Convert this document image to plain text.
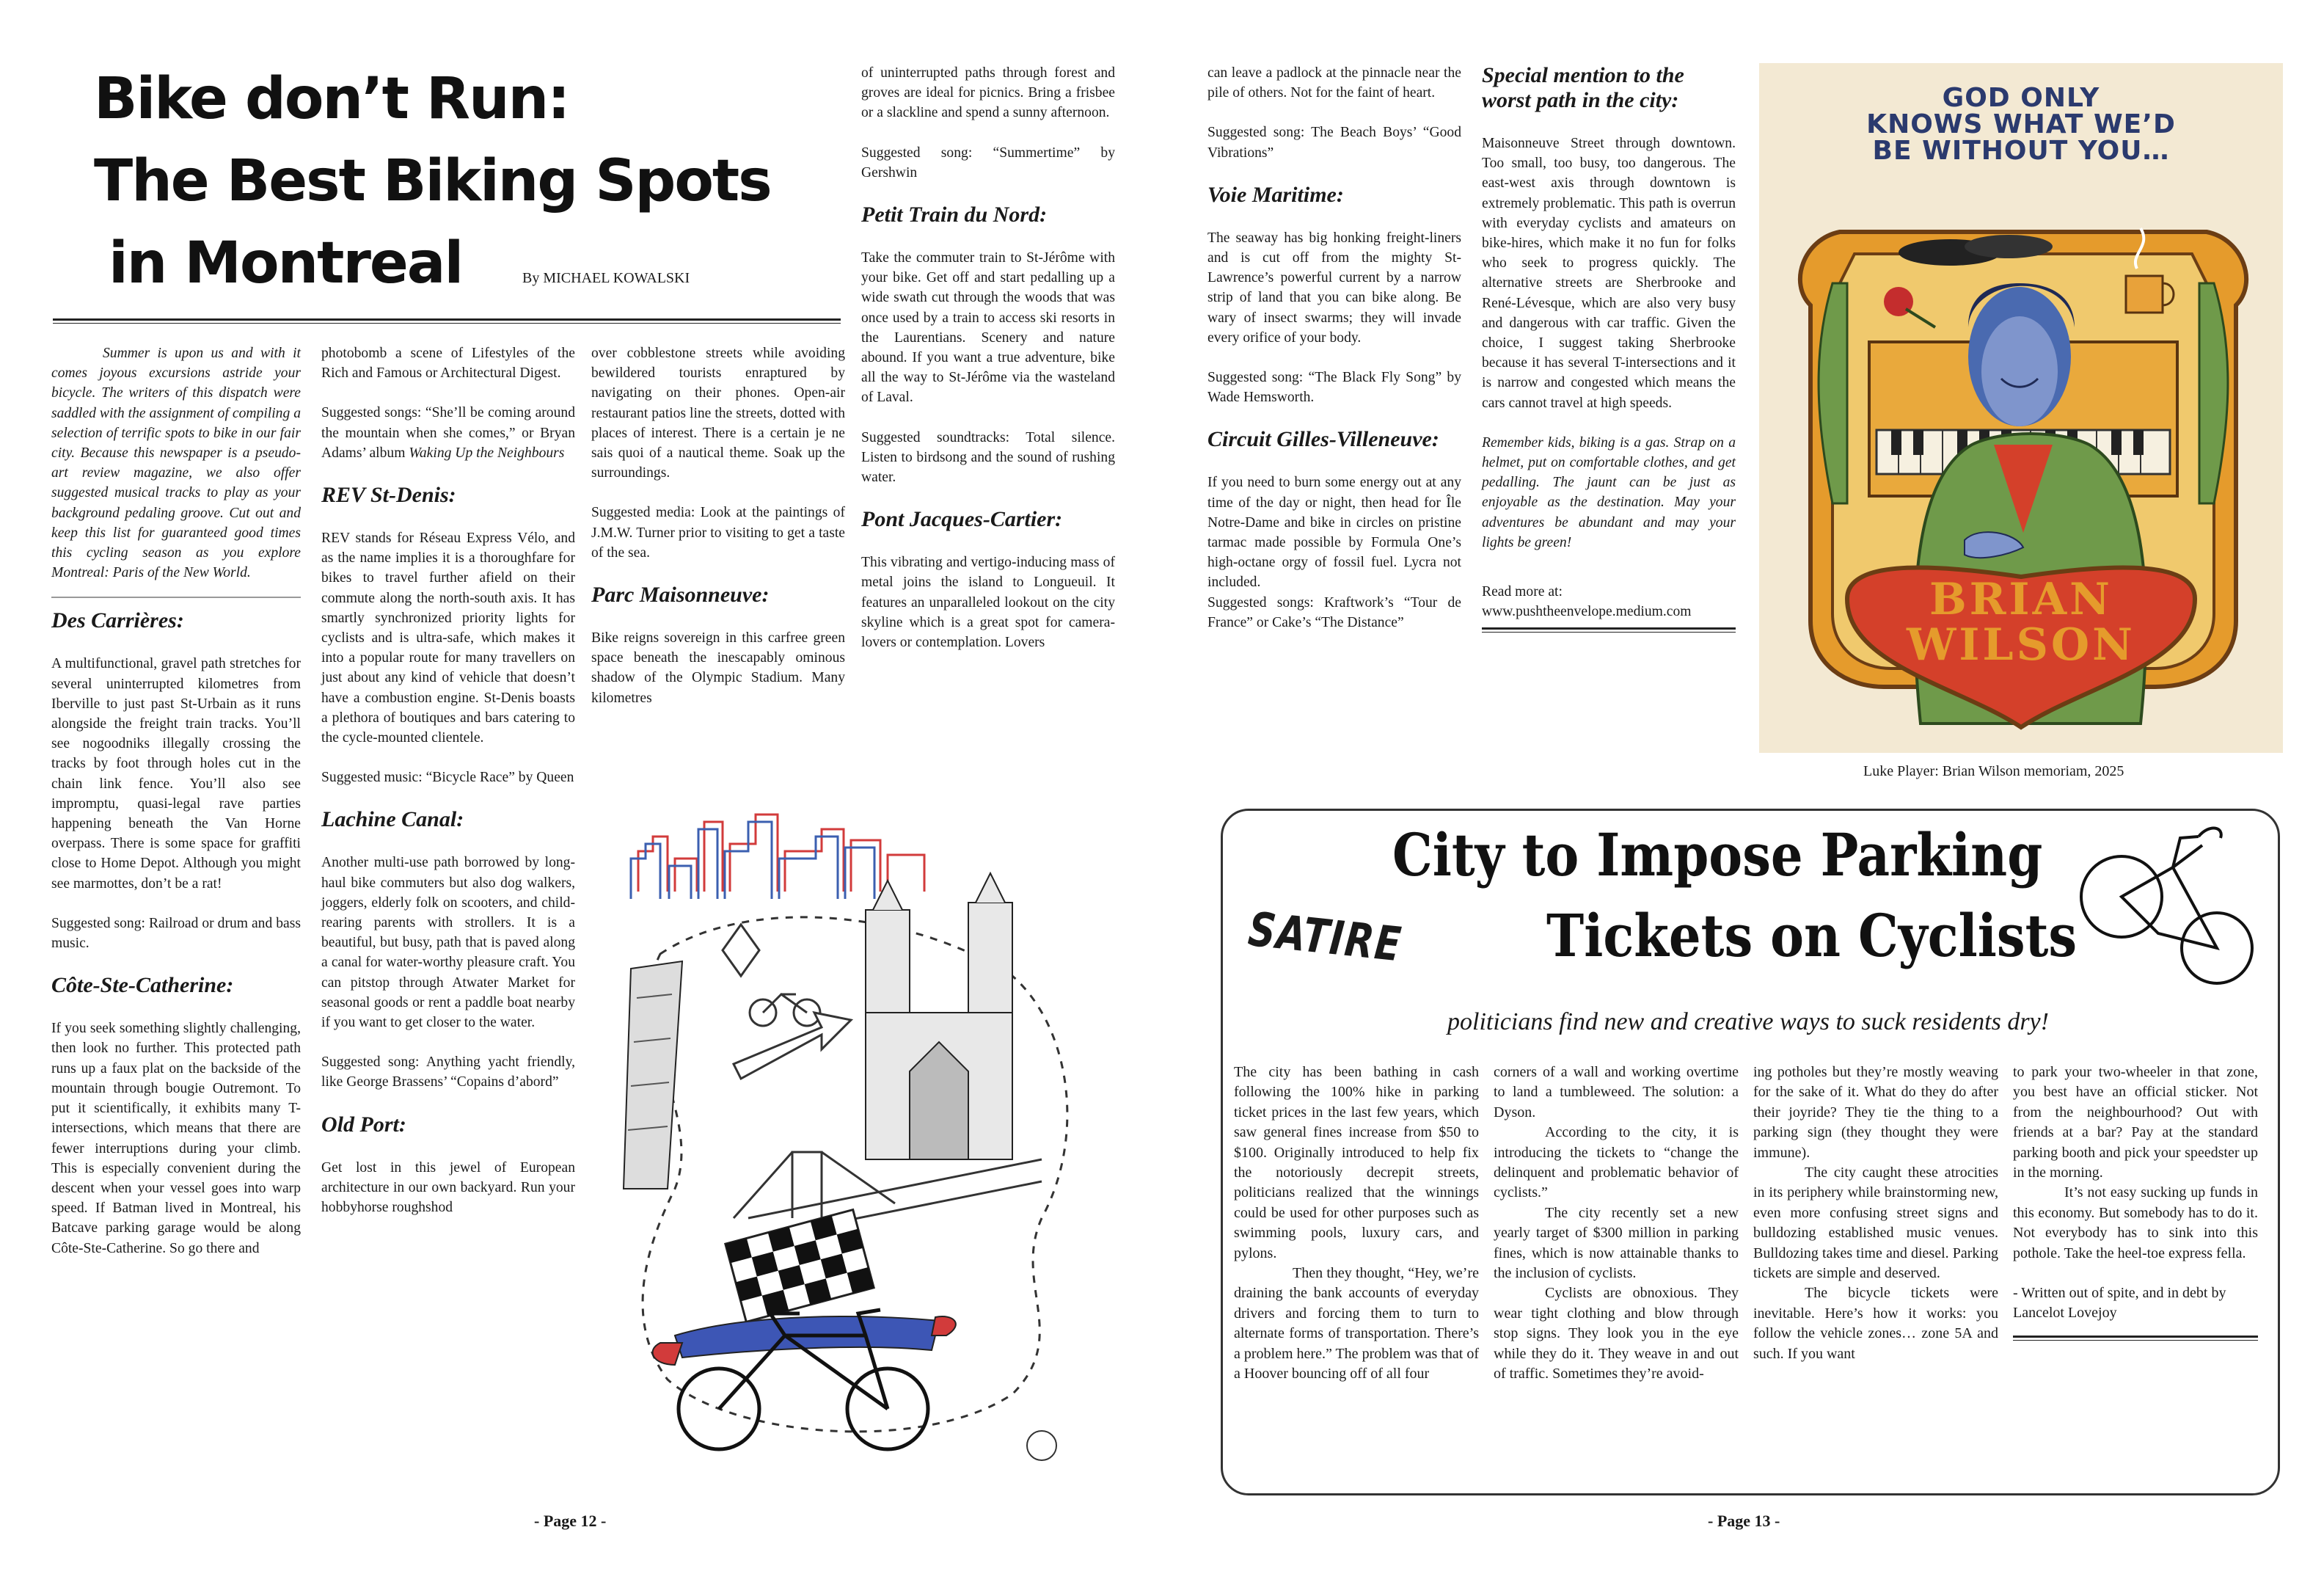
Bike don’t Run:
The Best Biking Spots
in Montreal	By MICHAEL KOWALSKI

Summer is upon us and with it comes joyous excursions astride your bicycle. The writers of this dispatch were saddled with the assignment of compiling a selection of terrific spots to bike in our fair city. Because this newspaper is a pseudo-art review magazine, we also offer suggested musical tracks to play as your background pedaling groove. Cut out and keep this list for guaranteed good times this cycling season as you explore Montreal: Paris of the New World.

Des Carrières:

A multifunctional, gravel path stretches for several uninterrupted kilometres from Iberville to just past St-Urbain as it runs alongside the freight train tracks. You’ll see nogoodniks illegally crossing the tracks by foot through holes cut in the chain link fence. You’ll also see impromptu, quasi-legal rave parties happening beneath the Van Horne overpass. There is some space for graffiti close to Home Depot. Although you might see marmottes, don’t be a rat!

Suggested song: Railroad or drum and bass music.

Côte-Ste-Catherine:

If you seek something slightly challenging, then look no further. This protected path runs up a faux plat on the backside of the mountain through bougie Outremont. To put it scientifically, it exhibits many T-intersections, which means that there are fewer interruptions during your climb. This is especially convenient during the descent when your vessel goes into warp speed. If Batman lived in Montreal, his Batcave parking garage would be along Côte-Ste-Catherine. So go there and

photobomb a scene of Lifestyles of the Rich and Famous or Architectural Digest.

Suggested songs: “She’ll be coming around the mountain when she comes,” or Bryan Adams’ album Waking Up the Neighbours

REV St-Denis:

REV stands for Réseau Express Vélo, and as the name implies it is a thoroughfare for bikes to travel further afield on their commute along the north-south axis. It has smartly synchronized priority lights for cyclists and is ultra-safe, which makes it into a popular route for many travellers on just about any kind of vehicle that doesn’t have a combustion engine. St-Denis boasts a plethora of boutiques and bars catering to the cycle-mounted clientele.

Suggested music: “Bicycle Race” by Queen

Lachine Canal:

Another multi-use path borrowed by long-haul bike commuters but also dog walkers, joggers, elderly folk on scooters, and child-rearing parents with strollers. It is a beautiful, but busy, path that is paved along a canal for water-worthy pleasure craft. You can pitstop through Atwater Market for seasonal goods or rent a paddle boat nearby if you want to get closer to the water.

Suggested song: Anything yacht friendly, like George Brassens’ “Copains d’abord”

Old Port:

Get lost in this jewel of European architecture in our own backyard. Run your hobbyhorse roughshod

over cobblestone streets while avoiding bewildered tourists enraptured by navigating on their phones. Open-air restaurant patios line the streets, dotted with places of interest. There is a certain je ne sais quoi of a nautical theme. Soak up the surroundings.

Suggested media: Look at the paintings of J.M.W. Turner prior to visiting to get a taste of the sea.

Parc Maisonneuve:

Bike reigns sovereign in this carfree green space beneath the inescapably ominous shadow of the Olympic Stadium. Many kilometres

of uninterrupted paths through forest and groves are ideal for picnics. Bring a frisbee or a slackline and spend a sunny afternoon.

Suggested song: “Summertime” by Gershwin

Petit Train du Nord:

Take the commuter train to St-Jérôme with your bike. Get off and start pedalling up a wide swath cut through the woods that was once used by a train to access ski resorts in the Laurentians. Scenery and nature abound. If you want a true adventure, bike all the way to St-Jérôme via the wasteland of Laval.

Suggested soundtracks: Total silence. Listen to birdsong and the sound of rushing water.

Pont Jacques-Cartier:

This vibrating and vertigo-inducing mass of metal joins the island to Longueuil. It features an unparalleled lookout on the city skyline which is a great spot for camera-lovers or contemplation. Lovers

- Page 12 -

can leave a padlock at the pinnacle near the pile of others. Not for the faint of heart.

Suggested song: The Beach Boys’ “Good Vibrations”

Voie Maritime:

The seaway has big honking freight-liners and is cut off from the mighty St-Lawrence’s powerful current by a narrow strip of land that you can bike along. Be wary of insect swarms; they will invade every orifice of your body.

Suggested song: “The Black Fly Song” by Wade Hemsworth.

Circuit Gilles-Villeneuve:

If you need to burn some energy out at any time of the day or night, then head for Île Notre-Dame and bike in circles on pristine tarmac made possible by Formula One’s high-octane orgy of fossil fuel. Lycra not included.

Suggested songs: Kraftwork’s “Tour de France” or Cake’s “The Distance”

Special mention to the
worst path in the city:

Maisonneuve Street through downtown. Too small, too busy, too dangerous. The east-west axis through downtown is extremely problematic. This path is overrun with everyday cyclists and amateurs on bike-hires, which make it no fun for folks who seek to progress quickly. The alternative streets are Sherbrooke and René-Lévesque, which are also very busy and dangerous with car traffic. Given the choice, I suggest taking Sherbrooke because it has several T-intersections and it is narrow and congested which means the cars cannot travel at high speeds.

Remember kids, biking is a gas. Strap on a helmet, put on comfortable clothes, and get pedalling. The jaunt can be just as enjoyable as the destination. May your adventures be abundant and may your lights be green!

Read more at:
www.pushtheenvelope.medium.com
GOD ONLY
KNOWS WHAT WE’D
BE WITHOUT YOU…
BRIAN
WILSON
Luke Player: Brian Wilson memoriam, 2025
City to Impose Parking
Tickets on Cyclists
SATIRE
politicians find new and creative ways to suck residents dry!

The city has been bathing in cash following the 100% hike in parking ticket prices in the last few years, which saw general fines increase from $50 to $100. Originally introduced to help fix the notoriously decrepit streets, politicians realized that the winnings could be used for other purposes such as swimming pools, luxury cars, and pylons.

Then they thought, “Hey, we’re draining the bank accounts of everyday drivers and forcing them to turn to alternate forms of transportation. There’s a problem here.” The problem was that of a Hoover bouncing off of all four

corners of a wall and working overtime to land a tumbleweed. The solution: a Dyson.

According to the city, it is introducing the tickets to “change the delinquent and problematic behavior of cyclists.”

The city recently set a new yearly target of $300 million in parking fines, which is now attainable thanks to the inclusion of cyclists.

Cyclists are obnoxious. They wear tight clothing and blow through stop signs. They look you in the eye while they do it. They weave in and out of traffic. Sometimes they’re avoid-

ing potholes but they’re mostly weaving for the sake of it. What do they do after their joyride? They tie the thing to a parking sign (they thought they were immune).

The city caught these atrocities in its periphery while brainstorming new, even more confusing street signs and bulldozing established music venues. Bulldozing takes time and diesel. Parking tickets are simple and deserved.

The bicycle tickets were inevitable. Here’s how it works: you follow the vehicle zones… zone 5A and such. If you want

to park your two-wheeler in that zone, you best have an official sticker. Not from the neighbourhood? Out with friends at a bar? Pay at the standard parking booth and pick your speedster up in the morning.

It’s not easy sucking up funds in this economy. But somebody has to do it. Not everybody has to sink into this pothole. Take the heel-toe express fella.

- Written out of spite, and in debt by Lancelot Lovejoy

- Page 13 -
